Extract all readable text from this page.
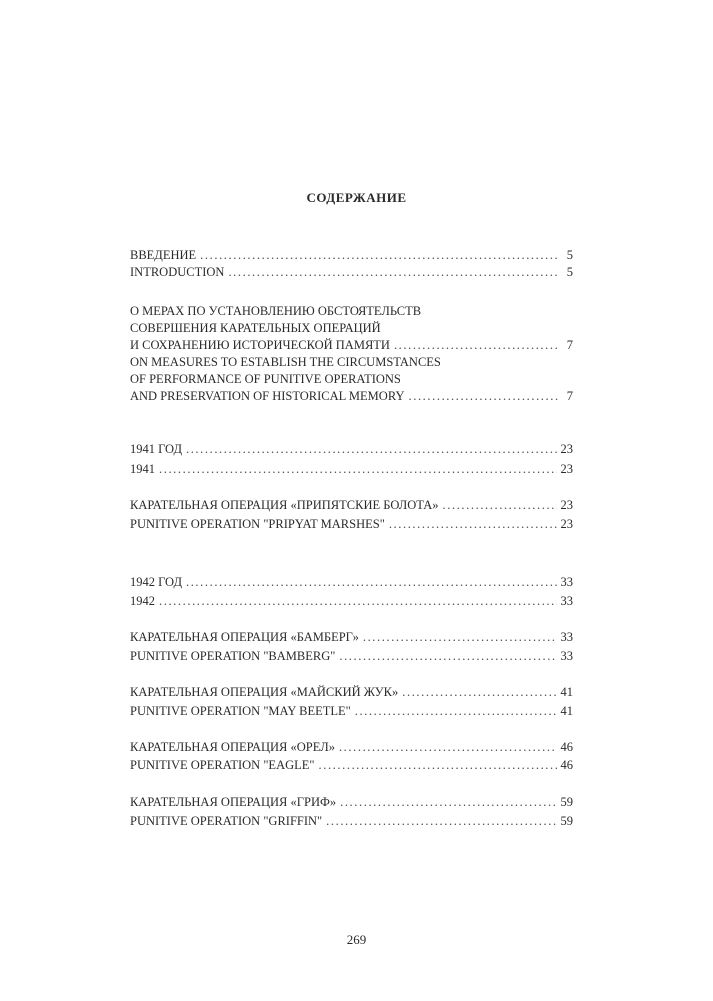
СОДЕРЖАНИЕ
ВВЕДЕНИЕ .....	5
INTRODUCTION .....	5
О МЕРАХ ПО УСТАНОВЛЕНИЮ ОБСТОЯТЕЛЬСТВ
СОВЕРШЕНИЯ КАРАТЕЛЬНЫХ ОПЕРАЦИЙ
И СОХРАНЕНИЮ ИСТОРИЧЕСКОЙ ПАМЯТИ .....	7
ON MEASURES TO ESTABLISH THE CIRCUMSTANCES
OF PERFORMANCE OF PUNITIVE OPERATIONS
AND PRESERVATION OF HISTORICAL MEMORY .....	7
1941 ГОД .....	23
1941 .....	23
КАРАТЕЛЬНАЯ ОПЕРАЦИЯ «ПРИПЯТСКИЕ БОЛОТА» .....	23
PUNITIVE OPERATION "PRIPYAT MARSHES" .....	23
1942 ГОД .....	33
1942 .....	33
КАРАТЕЛЬНАЯ ОПЕРАЦИЯ «БАМБЕРГ» .....	33
PUNITIVE OPERATION "BAMBERG" .....	33
КАРАТЕЛЬНАЯ ОПЕРАЦИЯ «МАЙСКИЙ ЖУК» .....	41
PUNITIVE OPERATION "MAY BEETLE" .....	41
КАРАТЕЛЬНАЯ ОПЕРАЦИЯ «ОРЕЛ» .....	46
PUNITIVE OPERATION "EAGLE" .....	46
КАРАТЕЛЬНАЯ ОПЕРАЦИЯ «ГРИФ» .....	59
PUNITIVE OPERATION "GRIFFIN" .....	59
269
